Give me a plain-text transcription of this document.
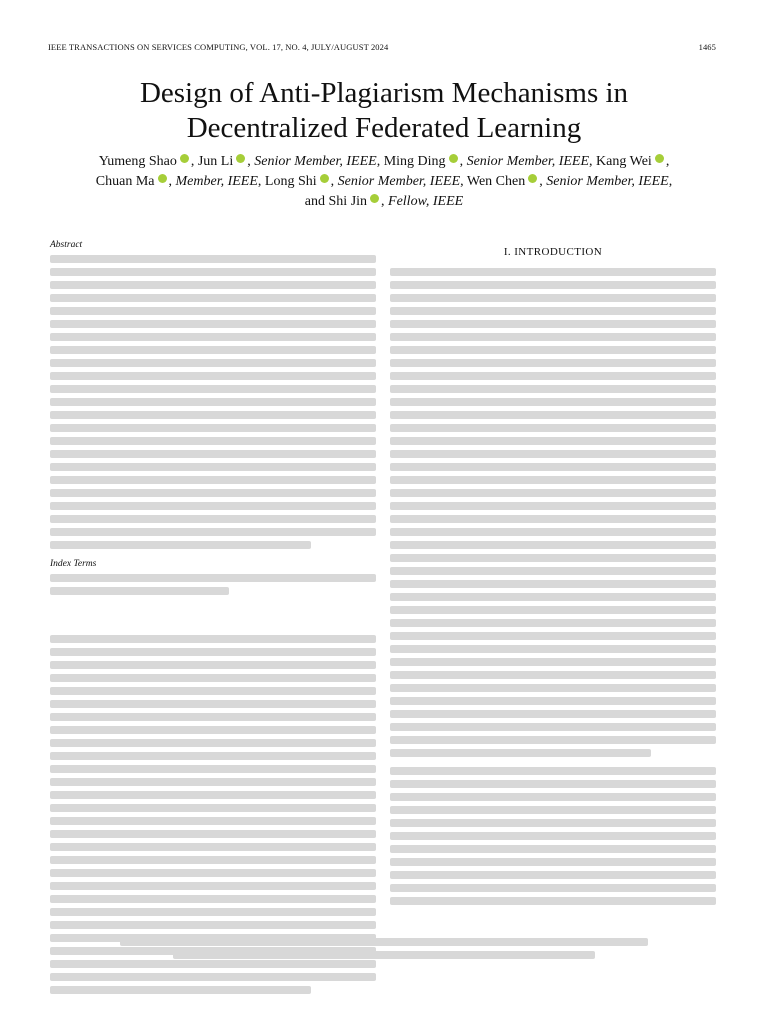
IEEE TRANSACTIONS ON SERVICES COMPUTING, VOL. 17, NO. 4, JULY/AUGUST 2024	1465
Design of Anti-Plagiarism Mechanisms in
Decentralized Federated Learning
Yumeng Shao , Jun Li , Senior Member, IEEE, Ming Ding , Senior Member, IEEE, Kang Wei ,
Chuan Ma , Member, IEEE, Long Shi , Senior Member, IEEE, Wen Chen , Senior Member, IEEE,
and Shi Jin , Fellow, IEEE
Abstract
Index Terms
I. INTRODUCTION
